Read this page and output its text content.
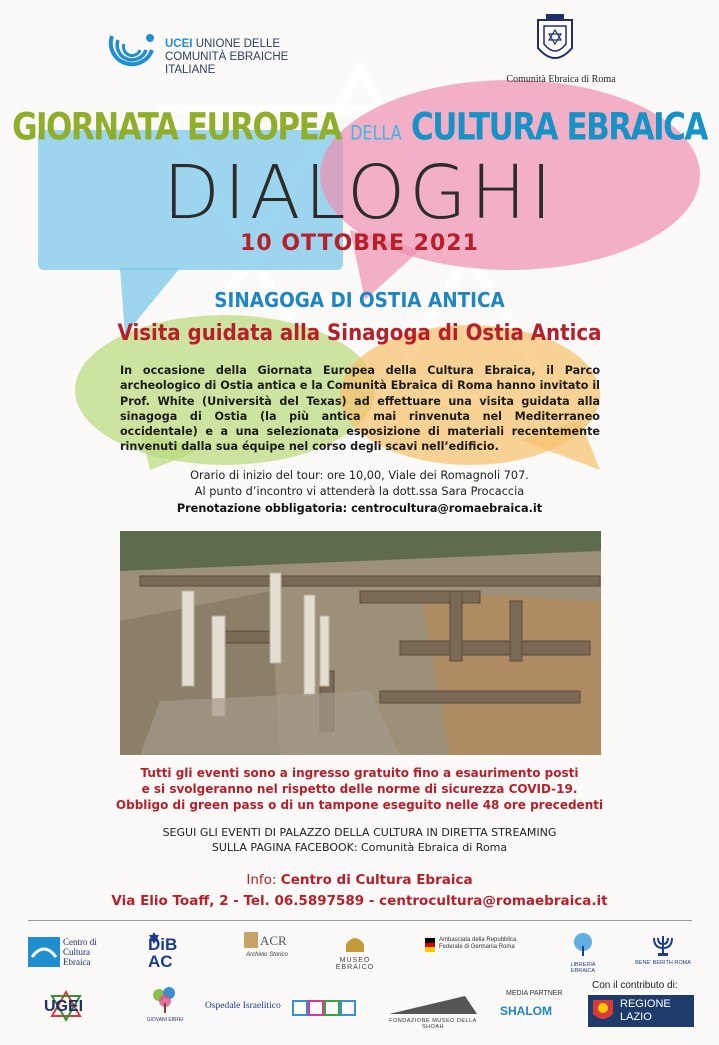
UCEI UNIONE DELLE
COMUNITÀ EBRAICHE
ITALIANE
Comunità Ebraica di Roma
GIORNATA EUROPEA DELLA CULTURA EBRAICA
DIALOGHI
10 OTTOBRE 2021
SINAGOGA DI OSTIA ANTICA
Visita guidata alla Sinagoga di Ostia Antica
In occasione della Giornata Europea della Cultura Ebraica, il Parco archeologico di Ostia antica e la Comunità Ebraica di Roma hanno invitato il Prof. White (Università del Texas) ad effettuare una visita guidata alla sinagoga di Ostia (la più antica mai rinvenuta nel Mediterraneo occidentale) e a una selezionata esposizione di materiali recentemente rinvenuti dalla sua équipe nel corso degli scavi nell’edificio.
Orario di inizio del tour: ore 10,00, Viale dei Romagnoli 707.
Al punto d’incontro vi attenderà la dott.ssa Sara Procaccia
Prenotazione obbligatoria: centrocultura@romaebraica.it
Tutti gli eventi sono a ingresso gratuito fino a esaurimento posti
e si svolgeranno nel rispetto delle norme di sicurezza COVID-19.
Obbligo di green pass o di un tampone eseguito nelle 48 ore precedenti
SEGUI GLI EVENTI DI PALAZZO DELLA CULTURA IN DIRETTA STREAMING
SULLA PAGINA FACEBOOK: Comunità Ebraica di Roma
Info: Centro di Cultura Ebraica
Via Elio Toaff, 2 - Tel. 06.5897589 - centrocultura@romaebraica.it
Centro di Cultura Ebraica
DiBAC
ACR
Archivio Storico
MUSEO EBRAICO
Ambasciata della Repubblica Federale di Germania Roma
LIBRERIA EBRAICA
BENE' BERITH ROMA
UGEI
GIOVANI EBREI
Ospedale Israelitico
FONDAZIONE MUSEO DELLA SHOAH
MEDIA PARTNER
SHALOM
Con il contributo di:
REGIONE
LAZIO
